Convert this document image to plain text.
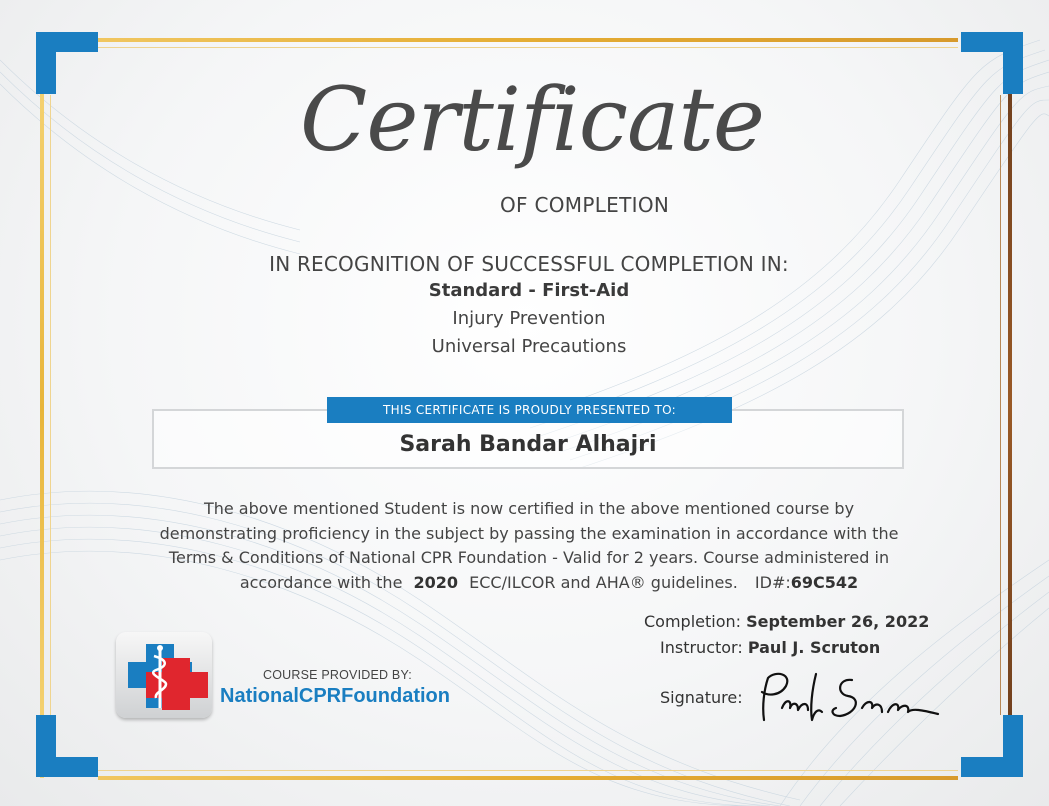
Certificate
OF COMPLETION
IN RECOGNITION OF SUCCESSFUL COMPLETION IN:
Standard - First-Aid
Injury Prevention
Universal Precautions
THIS CERTIFICATE IS PROUDLY PRESENTED TO:
Sarah Bandar Alhajri
The above mentioned Student is now certified in the above mentioned course by
demonstrating proficiency in the subject by passing the examination in accordance with the
Terms & Conditions of National CPR Foundation - Valid for 2 years. Course administered in
accordance with the 2020 ECC/ILCOR and AHA® guidelines. ID#:69C542
Completion: September 26, 2022
Instructor: Paul J. Scruton
Signature:
COURSE PROVIDED BY:
NationalCPRFoundation
